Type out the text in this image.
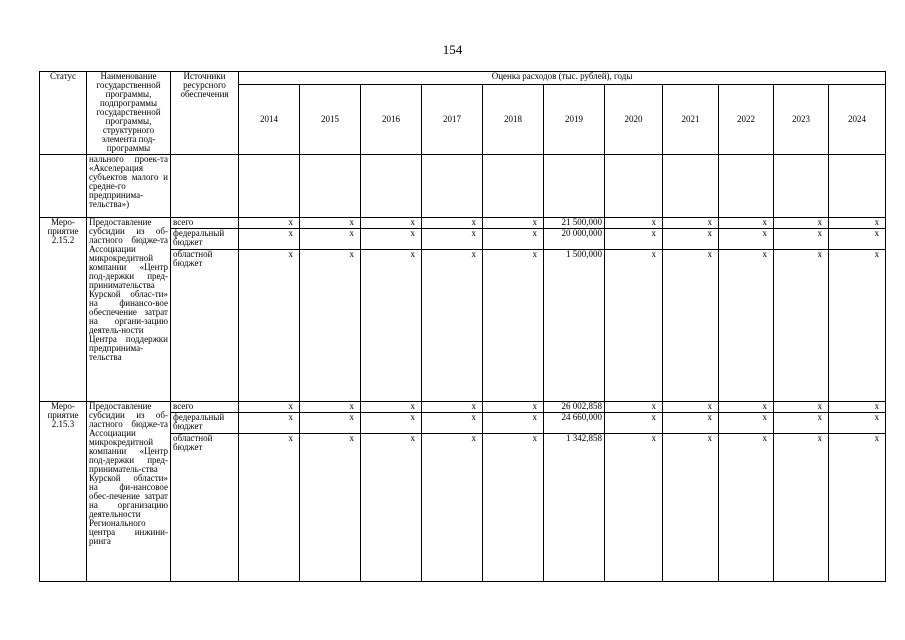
154
Статус	Наименование государственной программы, подпрограммы государственной программы, структурного элемента под-программы	Источники ресурсного обеспечения	Оценка расходов (тыс. рублей), годы										
			2014	2015	2016	2017	2018	2019	2020	2021	2022	2023	2024
	нального проек-та «Акселерация субъектов малого и средне-го предпринима-тельства»)												
Меро-приятие 2.15.2	Предоставление субсидии из об-ластного бюдже-та Ассоциации микрокредитной компании «Центр под-держки пред-принимательства Курской облас-ти» на финансо-вое обеспечение затрат на органи-зацию деятель-ности Центра поддержки предпринима-тельства	всего	x	x	x	x	x	21 500,000	x	x	x	x	x
		федеральный бюджет	x	x	x	x	x	20 000,000	x	x	x	x	x
		областной бюджет	x	x	x	x	x	1 500,000	x	x	x	x	x
Меро-приятие 2.15.3	Предоставление субсидии из об-ластного бюдже-та Ассоциации микрокредитной компании «Центр под-держки пред-приниматель-ства Курской области» на фи-нансовое обес-печение затрат на организацию деятельности Регионального центра инжини-ринга	всего	x	x	x	x	x	26 002,858	x	x	x	x	x
		федеральный бюджет	x	x	x	x	x	24 660,000	x	x	x	x	x
		областной бюджет	x	x	x	x	x	1 342,858	x	x	x	x	x
